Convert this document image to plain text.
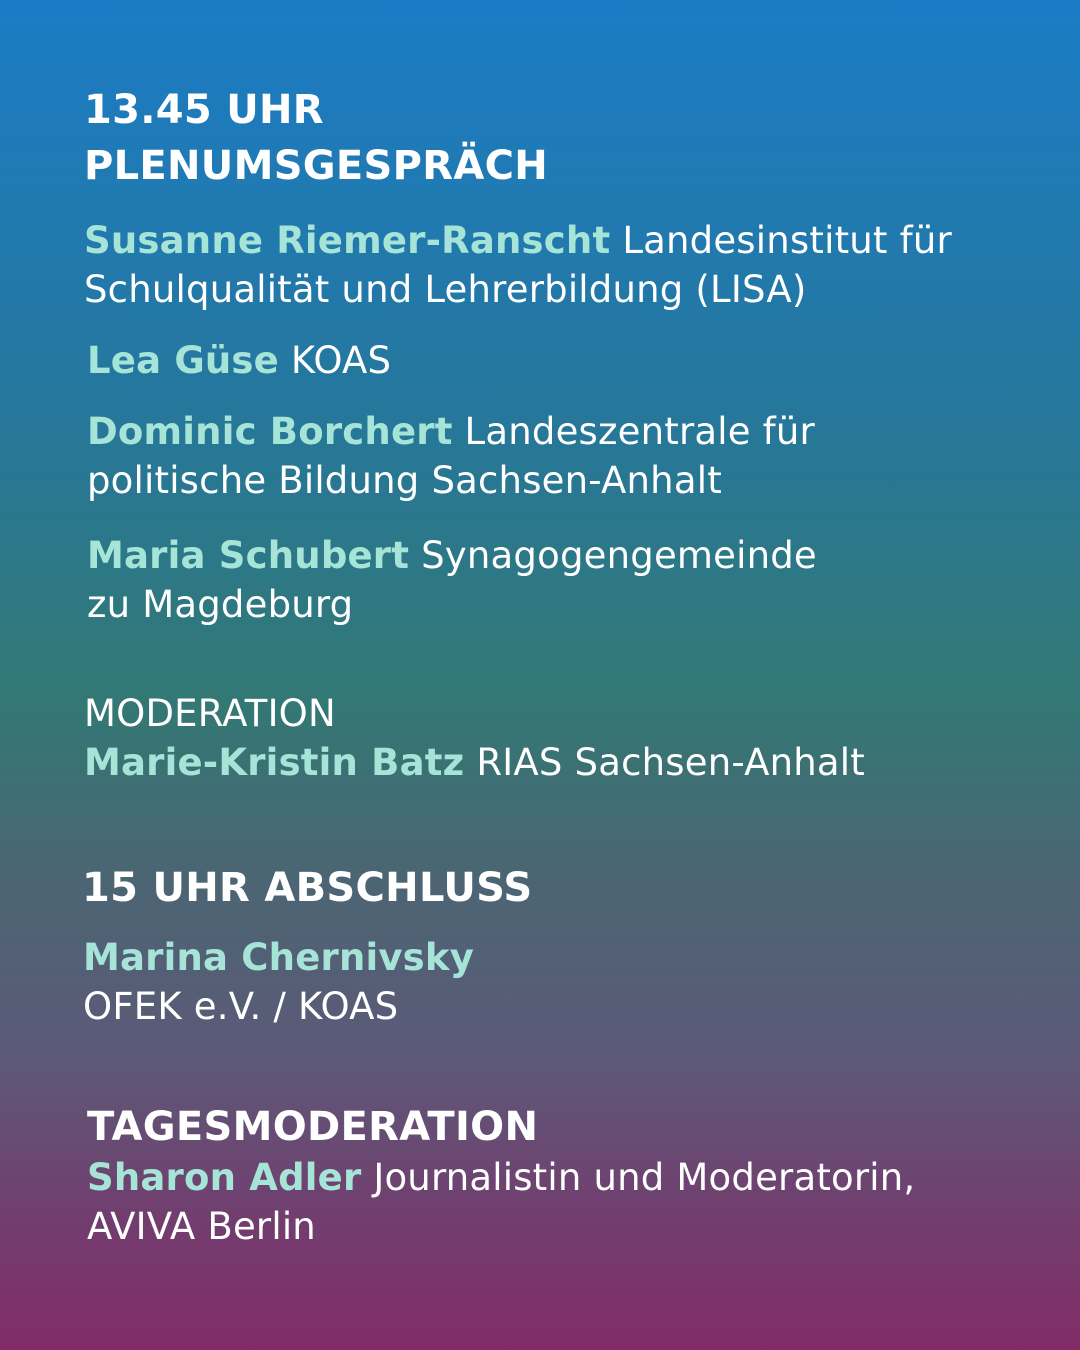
13.45 UHR
PLENUMSGESPRÄCH
Susanne Riemer-Ranscht Landesinstitut für
Schulqualität und Lehrerbildung (LISA)
Lea Güse KOAS
Dominic Borchert Landeszentrale für
politische Bildung Sachsen-Anhalt
Maria Schubert Synagogengemeinde
zu Magdeburg
MODERATION
Marie-Kristin Batz RIAS Sachsen-Anhalt
15 UHR ABSCHLUSS
Marina Chernivsky
OFEK e.V. / KOAS
TAGESMODERATION
Sharon Adler Journalistin und Moderatorin,
AVIVA Berlin
